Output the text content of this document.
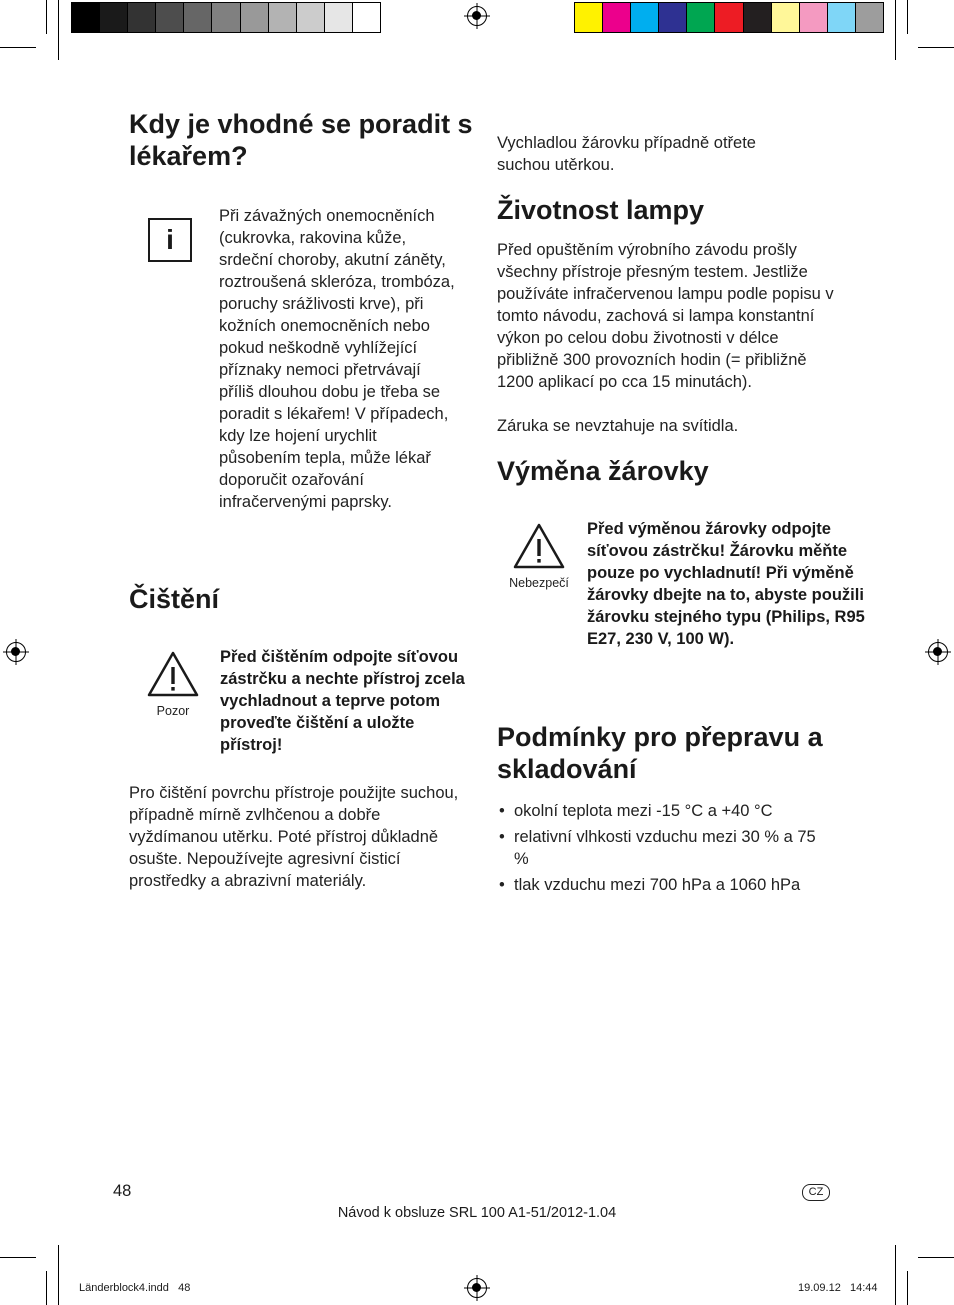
Kdy je vhodné se poradit s lékařem?
i

Při závažných onemocněních (cukrovka, rakovina kůže, srdeční choroby, akutní záněty, roztroušená skleróza, trombóza, poruchy srážlivosti krve), při kožních onemocněních nebo pokud neškodně vyhlížející příznaky nemoci přetrvávají příliš dlouhou dobu je třeba se poradit s lékařem! V případech, kdy lze hojení urychlit působením tepla, může lékař doporučit ozařování infračervenými paprsky.

Čištění
Pozor

Před čištěním odpojte síťovou zástrčku a nechte přístroj zcela vychladnout a teprve potom proveďte čištění a uložte přístroj!

Pro čištění povrchu přístroje použijte suchou, případně mírně zvlhčenou a dobře vyždímanou utěrku. Poté přístroj důkladně osušte. Nepoužívejte agresivní čisticí prostředky a abrazivní materiály.

Vychladlou žárovku případně otřete suchou utěrkou.

Životnost lampy

Před opuštěním výrobního závodu prošly všechny přístroje přesným testem. Jestliže používáte infračervenou lampu podle popisu v tomto návodu, zachová si lampa konstantní výkon po celou dobu životnosti v délce přibližně 300 provozních hodin (= přibližně 1200 aplikací po cca 15 minutách).

Záruka se nevztahuje na svítidla.

Výměna žárovky
Nebezpečí

Před výměnou žárovky odpojte síťovou zástrčku! Žárovku měňte pouze po vychladnutí! Při výměně žárovky dbejte na to, abyste použili žárovku stejného typu (Philips, R95 E27, 230 V, 100 W).

Podmínky pro přepravu a skladování
• okolní teplota mezi -15 °C a +40 °C
• relativní vlhkosti vzduchu mezi 30 % a 75 %
• tlak vzduchu mezi 700 hPa a 1060 hPa
48	CZ
Návod k obsluze SRL 100 A1-51/2012-1.04
Länderblock4.indd   48	19.09.12   14:44
